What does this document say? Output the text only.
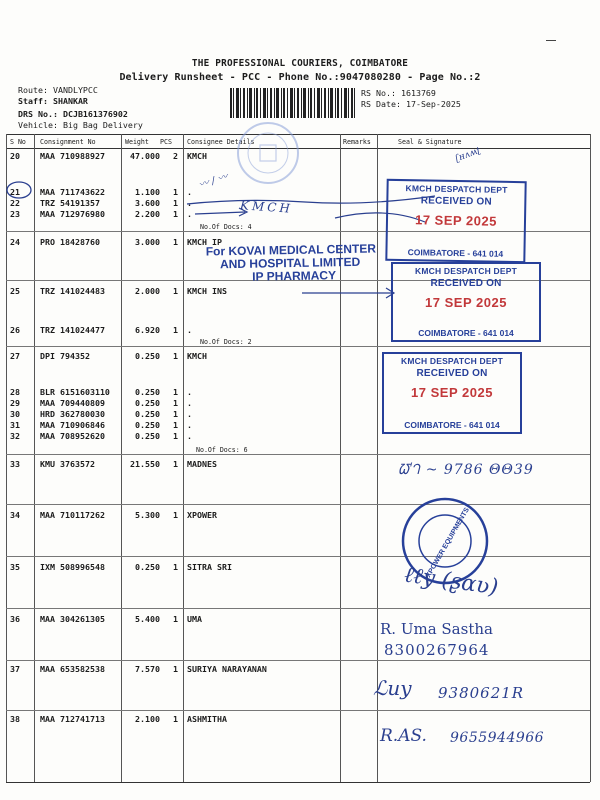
THE PROFESSIONAL COURIERS, COIMBATORE
Delivery Runsheet - PCC - Phone No.:9047080280 - Page No.:2
Route: VANDLYPCC
Staff: SHANKAR
DRS No.: DCJB161376902
Vehicle: Big Bag Delivery
RS No.: 1613769
RS Date: 17-Sep-2025
S No Consignment No	Weight PCS Consignee Details	Remarks	Seal & Signature
20 MAA 710988927	47.000	2 KMCH
21 MAA 711743622	1.100	1 .
22 TRZ 54191357	3.600	1 .
23 MAA 712976980	2.200	1 .
24 PRO 18428760	3.000	1 KMCH IP
25 TRZ 141024483	2.000	1 KMCH INS
26 TRZ 141024477	6.920	1 .
27 DPI 794352	0.250	1 KMCH
28 BLR 6151603110	0.250	1 .
29 MAA 709440809	0.250	1 .
30 HRD 362780030	0.250	1 .
31 MAA 710906846	0.250	1 .
32 MAA 708952620	0.250	1 .
33 KMU 3763572	21.550	1 MADNES
34 MAA 710117262	5.300	1 XPOWER
35 IXM 508996548	0.250	1 SITRA SRI
36 MAA 304261305	5.400	1 UMA
37 MAA 653582538	7.570	1 SURIYA NARAYANAN
38 MAA 712741713	2.100	1 ASHMITHA
No.Of Docs: 4
No.Of Docs: 2
No.Of Docs: 6
〰︎ ∕ 〰︎
KMCH
ʗʜʌʍʈ
KMCH DESPATCH DEPT
RECEIVED ON
17 SEP 2025
COIMBATORE - 641 014
For KOVAI MEDICAL CENTER
AND HOSPITAL LIMITED
IP PHARMACY	KMCH DESPATCH DEPT
RECEIVED ON
17 SEP 2025
COIMBATORE - 641 014
KMCH DESPATCH DEPT
RECEIVED ON
17 SEP 2025
COIMBATORE - 641 014
ᘺᘃ ~ 9786 ΘΘ39
XPOWER EQUIPMENTS
ℓℓy (ʂɑʋ)
R. Uma Sastha
8300267964
ℒuy 9380621R
R.AS. 9655944966
